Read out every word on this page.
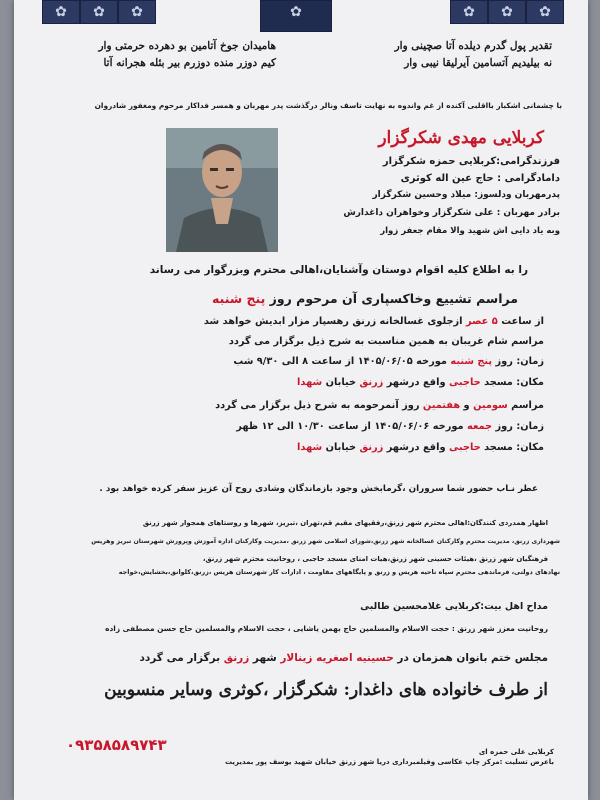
✿
✿
✿
✿
✿
✿
✿
تقدیر پول گدرم دیلده آتا صچینی وار
نه بیلیدیم آتسامین آیرلیقا نیبی وار
هامیدان جوخ آتامین بو دهرده حرمتی وار
کیم دوزر منده دوزرم بیر بئله هجرانه آتا
با چشمانی اشکبار بااقلبی آکنده از غم واندوه به نهایت تاسف ونالر درگذشت پدر مهربان و همسر فداکار مرحوم ومغفور شادروان
کربلایی مهدی شکرگزار
فرزندگرامی:کربلایی حمزه شکرگزار
دامادگرامی : حاج عین اله کوثری
پدرمهربان ودلسوز: میلاد وحسین شکرگزار
برادر مهربان : علی شکرگزار وخواهران داغدارش
وبه یاد دایی اش شهید والا مقام جعفر زوار
را به اطلاع کلیه اقوام دوستان وآشنایان،اهالی محترم وبزرگوار می رساند
مراسم تشییع وخاکسپاری آن مرحوم روز پنج شنبه
از ساعت ۵ عصر ازجلوی غسالخانه زرنق رهسپار مزار ابدیش خواهد شد
مراسم شام غریبان به همین مناسبت به شرح ذیل برگزار می گردد
زمان: روز پنج شنبه مورخه ۱۴۰۵/۰۶/۰۵ از ساعت ۸ الی ۹/۳۰ شب
مکان: مسجد حاجبی واقع درشهر زرنق خیابان شهدا
مراسم سومین و هفتمین روز آنمرحومه به شرح ذیل برگزار می گردد
زمان: روز جمعه مورخه ۱۴۰۵/۰۶/۰۶ از ساعت ۱۰/۳۰ الی ۱۲ ظهر
مکان: مسجد حاجبی واقع درشهر زرنق خیابان شهدا
عطر نـاب حضور شما سروران ،گرمابخش وجود بازماندگان وشادی روح آن عزیز سفر کرده خواهد بود .
اظهار همدردی کنندگان:اهالی محترم شهر زرنق،رفقیهای مقیم قم،تهران ،تبریز، شهرها و روستاهای همجوار شهر زرنق
شهرداری زرنق، مدیریت محترم وکارکنان غسالخانه شهر زرنق،شورای اسلامی شهر زرنق ،مدیریت وکارکنان اداره آموزش وپرورش شهرستان تبریز وهریس
فرهنگیان شهر زرنق ،هیئات حسینی شهر زرنق،هیات امنای مسجد حاجبی ، روحانیت محترم شهر زرنق،
نهادهای دولتی، فرماندهی محترم سپاه ناحیه هریس و زرنق و پایگاههای مقاومت ، ادارات کار شهرستان هریس ،زرنق،کلوانق،بخشایش،خواجه
مداح اهل بیت:کربلایی غلامحسین طالبی
روحانیت معزز شهر زرنق : حجت الاسلام والمسلمین حاج بهمن یاشایی ، حجت الاسلام والمسلمین حاج حسن مصطفی زاده
مجلس ختم بانوان همزمان در حسینیه اصغریه زینالار شهر زرنق برگزار می گردد
از طرف خانواده های داغدار: شکرگزار ،کوثری وسایر منسوبین
۰۹۳۵۸۵۸۹۷۴۳	کربلایی علی حمزه ای
باعرض تسلیت :مرکز چاپ عکاسی وفیلمبرداری دریا شهر زرنق خیابان شهید یوسف پور بمدیریت
